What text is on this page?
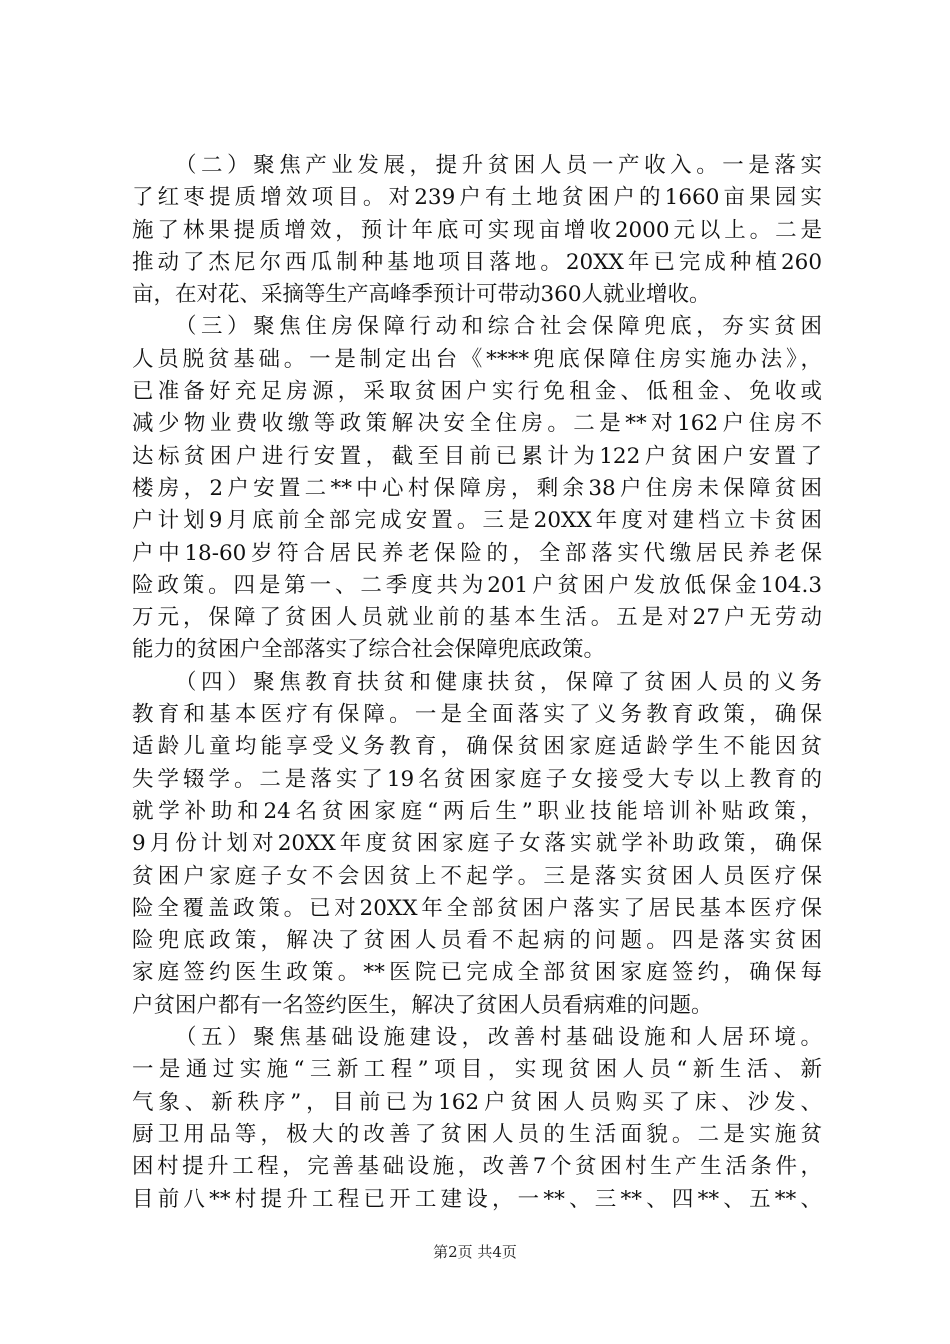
（二）聚焦产业发展，提升贫困人员一产收入。一是落实
了红枣提质增效项目。对239户有土地贫困户的1660亩果园实
施了林果提质增效，预计年底可实现亩增收2000元以上。二是
推动了杰尼尔西瓜制种基地项目落地。20XX年已完成种植260
亩，在对花、采摘等生产高峰季预计可带动360人就业增收。
（三）聚焦住房保障行动和综合社会保障兜底，夯实贫困
人员脱贫基础。一是制定出台《****兜底保障住房实施办法》，
已准备好充足房源，采取贫困户实行免租金、低租金、免收或
减少物业费收缴等政策解决安全住房。二是**对162户住房不
达标贫困户进行安置，截至目前已累计为122户贫困户安置了
楼房，2户安置二**中心村保障房，剩余38户住房未保障贫困
户计划9月底前全部完成安置。三是20XX年度对建档立卡贫困
户中18-60岁符合居民养老保险的，全部落实代缴居民养老保
险政策。四是第一、二季度共为201户贫困户发放低保金104.3
万元，保障了贫困人员就业前的基本生活。五是对27户无劳动
能力的贫困户全部落实了综合社会保障兜底政策。
（四）聚焦教育扶贫和健康扶贫，保障了贫困人员的义务
教育和基本医疗有保障。一是全面落实了义务教育政策，确保
适龄儿童均能享受义务教育，确保贫困家庭适龄学生不能因贫
失学辍学。二是落实了19名贫困家庭子女接受大专以上教育的
就学补助和24名贫困家庭“两后生”职业技能培训补贴政策，
9月份计划对20XX年度贫困家庭子女落实就学补助政策，确保
贫困户家庭子女不会因贫上不起学。三是落实贫困人员医疗保
险全覆盖政策。已对20XX年全部贫困户落实了居民基本医疗保
险兜底政策，解决了贫困人员看不起病的问题。四是落实贫困
家庭签约医生政策。**医院已完成全部贫困家庭签约，确保每
户贫困户都有一名签约医生，解决了贫困人员看病难的问题。
（五）聚焦基础设施建设，改善村基础设施和人居环境。
一是通过实施“三新工程”项目，实现贫困人员“新生活、新
气象、新秩序”，目前已为162户贫困人员购买了床、沙发、
厨卫用品等，极大的改善了贫困人员的生活面貌。二是实施贫
困村提升工程，完善基础设施，改善7个贫困村生产生活条件，
目前八**村提升工程已开工建设，一**、三**、四**、五**、
第2页 共4页
